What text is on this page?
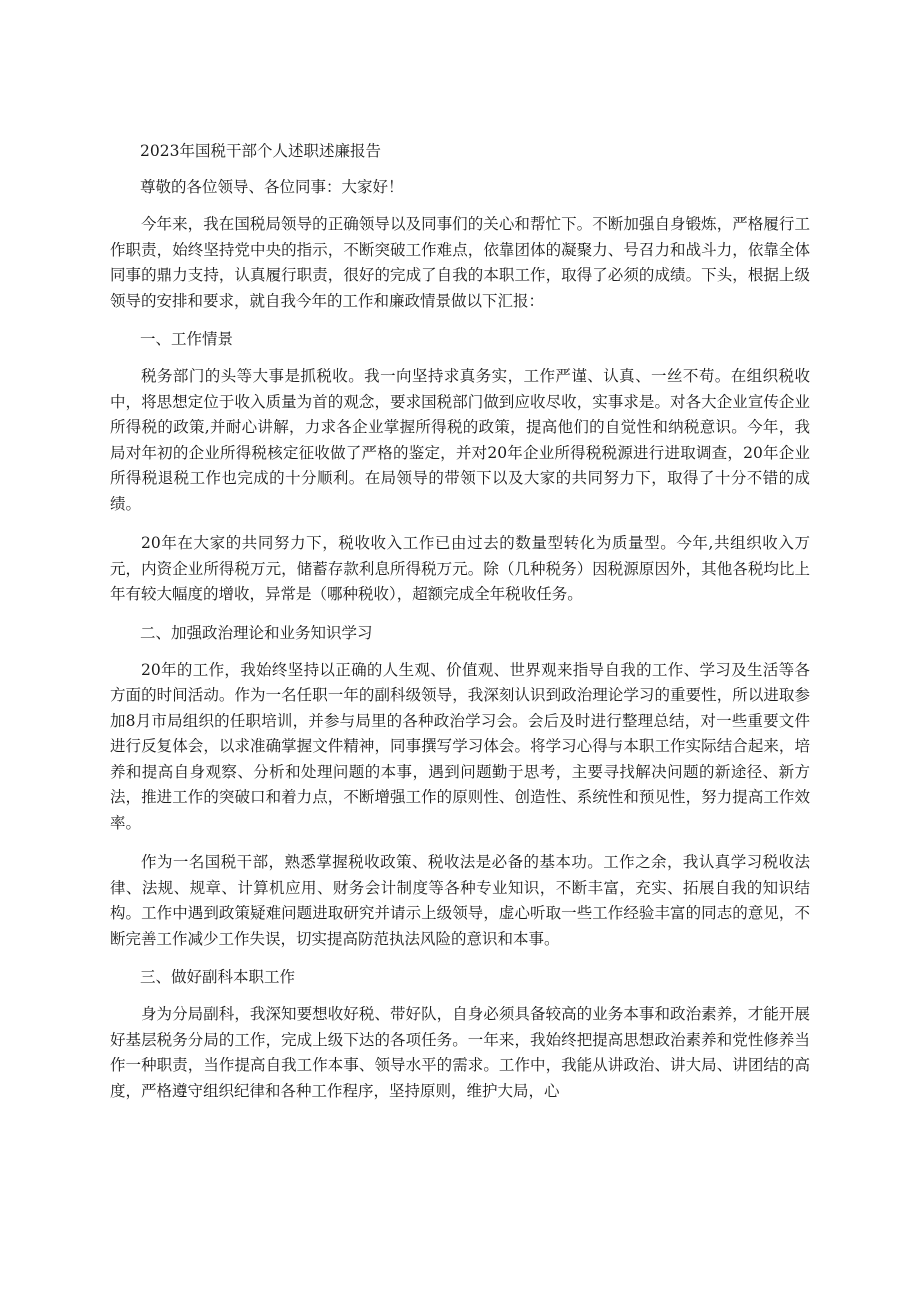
2023年国税干部个人述职述廉报告

尊敬的各位领导、各位同事：大家好！

今年来，我在国税局领导的正确领导以及同事们的关心和帮忙下。不断加强自身锻炼，严格履行工作职责，始终坚持党中央的指示，不断突破工作难点，依靠团体的凝聚力、号召力和战斗力，依靠全体同事的鼎力支持，认真履行职责，很好的完成了自我的本职工作，取得了必须的成绩。下头，根据上级领导的安排和要求，就自我今年的工作和廉政情景做以下汇报：

一、工作情景

税务部门的头等大事是抓税收。我一向坚持求真务实，工作严谨、认真、一丝不苟。在组织税收中，将思想定位于收入质量为首的观念，要求国税部门做到应收尽收，实事求是。对各大企业宣传企业所得税的政策,并耐心讲解，力求各企业掌握所得税的政策，提高他们的自觉性和纳税意识。今年，我局对年初的企业所得税核定征收做了严格的鉴定，并对20年企业所得税税源进行进取调查，20年企业所得税退税工作也完成的十分顺利。在局领导的带领下以及大家的共同努力下，取得了十分不错的成绩。

20年在大家的共同努力下，税收收入工作已由过去的数量型转化为质量型。今年,共组织收入万元，内资企业所得税万元，储蓄存款利息所得税万元。除（几种税务）因税源原因外，其他各税均比上年有较大幅度的增收，异常是（哪种税收），超额完成全年税收任务。

二、加强政治理论和业务知识学习

20年的工作，我始终坚持以正确的人生观、价值观、世界观来指导自我的工作、学习及生活等各方面的时间活动。作为一名任职一年的副科级领导，我深刻认识到政治理论学习的重要性，所以进取参加8月市局组织的任职培训，并参与局里的各种政治学习会。会后及时进行整理总结，对一些重要文件进行反复体会，以求准确掌握文件精神，同事撰写学习体会。将学习心得与本职工作实际结合起来，培养和提高自身观察、分析和处理问题的本事，遇到问题勤于思考，主要寻找解决问题的新途径、新方法，推进工作的突破口和着力点，不断增强工作的原则性、创造性、系统性和预见性，努力提高工作效率。

作为一名国税干部，熟悉掌握税收政策、税收法是必备的基本功。工作之余，我认真学习税收法律、法规、规章、计算机应用、财务会计制度等各种专业知识，不断丰富，充实、拓展自我的知识结构。工作中遇到政策疑难问题进取研究并请示上级领导，虚心听取一些工作经验丰富的同志的意见，不断完善工作减少工作失误，切实提高防范执法风险的意识和本事。

三、做好副科本职工作

身为分局副科，我深知要想收好税、带好队，自身必须具备较高的业务本事和政治素养，才能开展好基层税务分局的工作，完成上级下达的各项任务。一年来，我始终把提高思想政治素养和党性修养当作一种职责，当作提高自我工作本事、领导水平的需求。工作中，我能从讲政治、讲大局、讲团结的高度，严格遵守组织纪律和各种工作程序，坚持原则，维护大局，心
